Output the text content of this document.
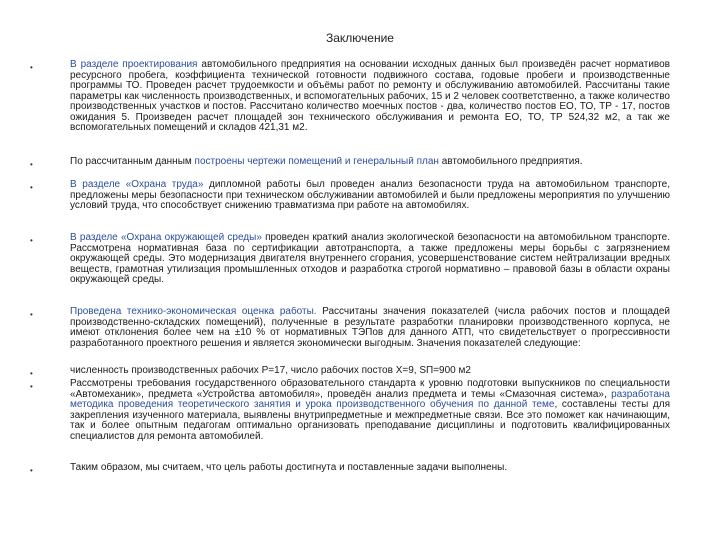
Заключение
•	В разделе проектирования автомобильного предприятия на основании исходных данных был произведён расчет нормативов ресурсного пробега, коэффициента технической готовности подвижного состава, годовые пробеги и производственные программы ТО. Проведен расчет трудоемкости и объёмы работ по ремонту и обслуживанию автомобилей. Рассчитаны такие параметры как численность производственных, и вспомогательных рабочих, 15 и 2 человек соответственно, а также количество производственных участков и постов. Рассчитано количество моечных постов - два, количество постов ЕО, ТО, ТР - 17, постов ожидания 5. Произведен расчет площадей зон технического обслуживания и ремонта ЕО, ТО, ТР 524,32 м2, а так же вспомогательных помещений и складов 421,31 м2.
•	По рассчитанным данным построены чертежи помещений и генеральный план автомобильного предприятия.
•	В разделе «Охрана труда» дипломной работы был проведен анализ безопасности труда на автомобильном транспорте, предложены меры безопасности при техническом обслуживании автомобилей и были предложены мероприятия по улучшению условий труда, что способствует снижению травматизма при работе на автомобилях.
•	В разделе «Охрана окружающей среды» проведен краткий анализ экологической безопасности на автомобильном транспорте. Рассмотрена нормативная база по сертификации автотранспорта, а также предложены меры борьбы с загрязнением окружающей среды. Это модернизация двигателя внутреннего сгорания, усовершенствование систем нейтрализации вредных веществ, грамотная утилизация промышленных отходов и разработка строгой нормативно – правовой базы в области охраны окружающей среды.
•	Проведена технико-экономическая оценка работы. Рассчитаны значения показателей (числа рабочих постов и площадей производственно-складских помещений), полученные в результате разработки планировки производственного корпуса, не имеют отклонения более чем на ±10 % от нормативных ТЭПов для данного АТП, что свидетельствует о прогрессивности разработанного проектного решения и является экономически выгодным. Значения показателей следующие:
•	численность производственных рабочих Р=17, число рабочих постов Х=9, SП=900 м2
•	Рассмотрены требования государственного образовательного стандарта к уровню подготовки выпускников по специальности «Автомеханик», предмета «Устройства автомобиля», проведён анализ предмета и темы «Смазочная система», разработана методика проведения теоретического занятия и урока производственного обучения по данной теме, составлены тесты для закрепления изученного материала, выявлены внутрипредметные и межпредметные связи. Все это поможет как начинающим, так и более опытным педагогам оптимально организовать преподавание дисциплины и подготовить квалифицированных специалистов для ремонта автомобилей.
•	Таким образом, мы считаем, что цель работы достигнута и поставленные задачи выполнены.
